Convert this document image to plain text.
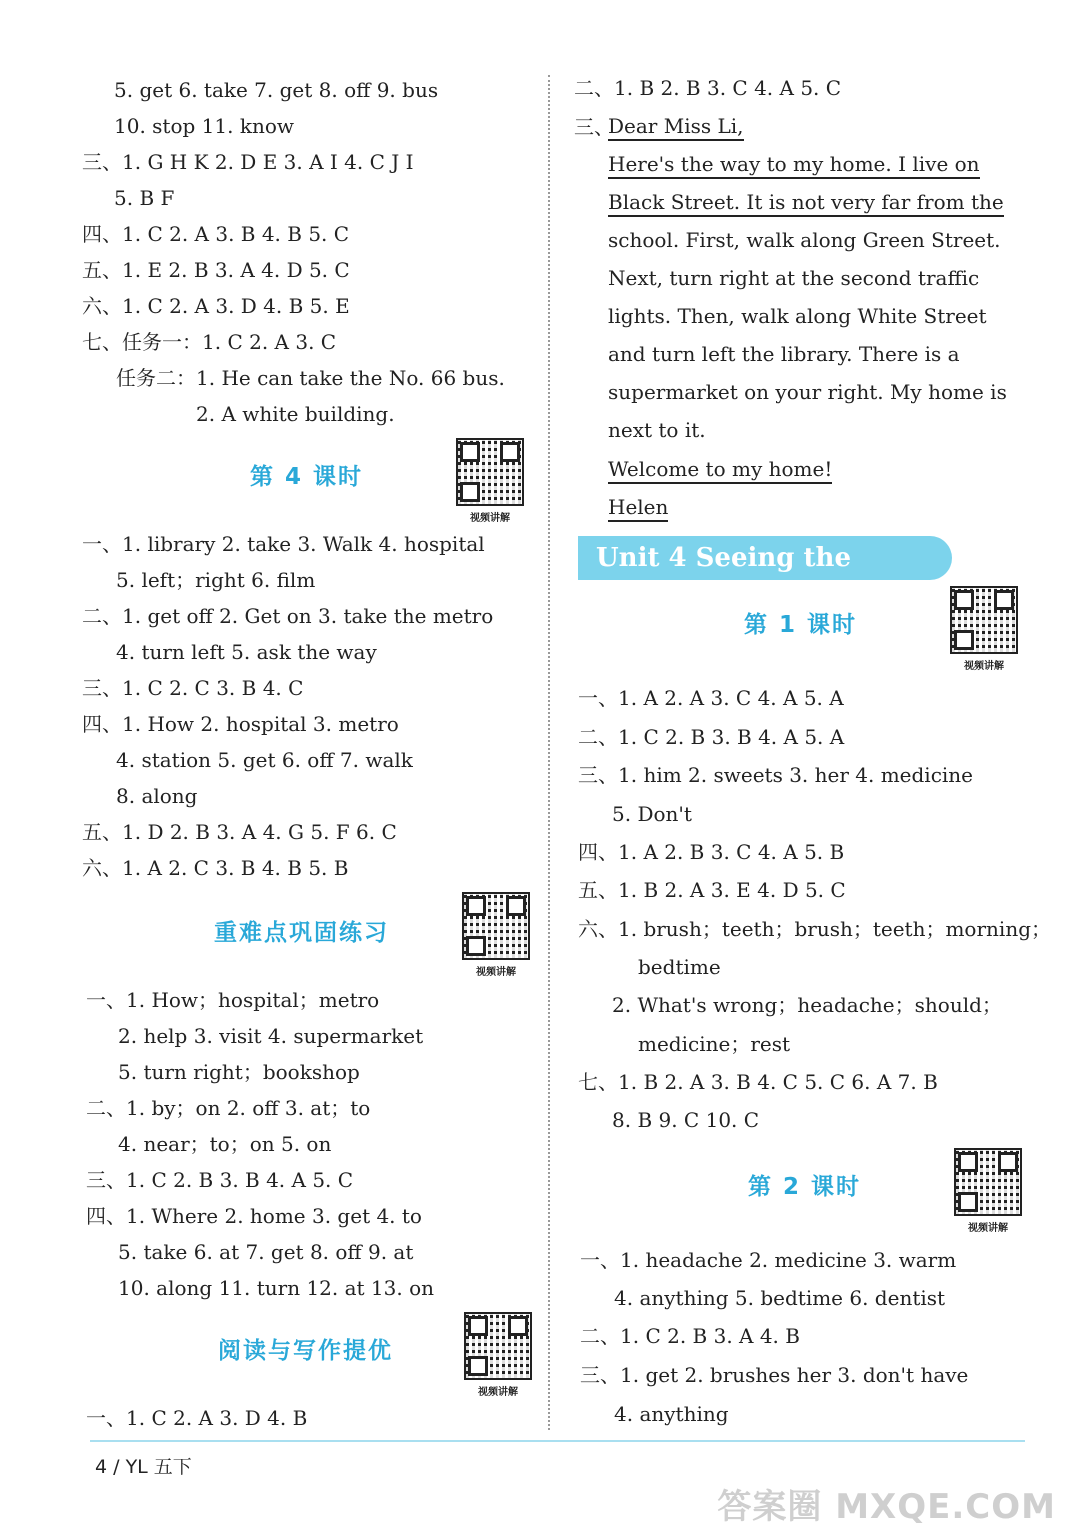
5. get 6. take 7. get 8. off 9. bus
10. stop 11. know
三、1. G H K 2. D E 3. A I 4. C J I
5. B F
四、1. C 2. A 3. B 4. B 5. C
五、1. E 2. B 3. A 4. D 5. C
六、1. C 2. A 3. D 4. B 5. E
七、任务一：1. C 2. A 3. C
任务二：1. He can take the No. 66 bus.
2. A white building.
第 4 课时
视频讲解
一、1. library 2. take 3. Walk 4. hospital
5. left；right 6. film
二、1. get off 2. Get on 3. take the metro
4. turn left 5. ask the way
三、1. C 2. C 3. B 4. C
四、1. How 2. hospital 3. metro
4. station 5. get 6. off 7. walk
8. along
五、1. D 2. B 3. A 4. G 5. F 6. C
六、1. A 2. C 3. B 4. B 5. B
重难点巩固练习
视频讲解
一、1. How；hospital；metro
2. help 3. visit 4. supermarket
5. turn right；bookshop
二、1. by；on 2. off 3. at；to
4. near；to；on 5. on
三、1. C 2. B 3. B 4. A 5. C
四、1. Where 2. home 3. get 4. to
5. take 6. at 7. get 8. off 9. at
10. along 11. turn 12. at 13. on
阅读与写作提优
视频讲解
一、1. C 2. A 3. D 4. B
二、1. B 2. B 3. C 4. A 5. C
三、
Dear Miss Li,
Here's the way to my home. I live on
Black Street. It is not very far from the
school. First, walk along Green Street.
Next, turn right at the second traffic
lights. Then, walk along White Street
and turn left the library. There is a
supermarket on your right. My home is
next to it.
Welcome to my home!
Helen
Unit 4 Seeing the doctor
第 1 课时
视频讲解
一、1. A 2. A 3. C 4. A 5. A
二、1. C 2. B 3. B 4. A 5. A
三、1. him 2. sweets 3. her 4. medicine
5. Don't
四、1. A 2. B 3. C 4. A 5. B
五、1. B 2. A 3. E 4. D 5. C
六、1. brush；teeth；brush；teeth；morning；
bedtime
2. What's wrong；headache；should；
medicine；rest
七、1. B 2. A 3. B 4. C 5. C 6. A 7. B
8. B 9. C 10. C
第 2 课时
视频讲解
一、1. headache 2. medicine 3. warm
4. anything 5. bedtime 6. dentist
二、1. C 2. B 3. A 4. B
三、1. get 2. brushes her 3. don't have
4. anything
4 / YL 五下
答案圈 MXQE.COM
